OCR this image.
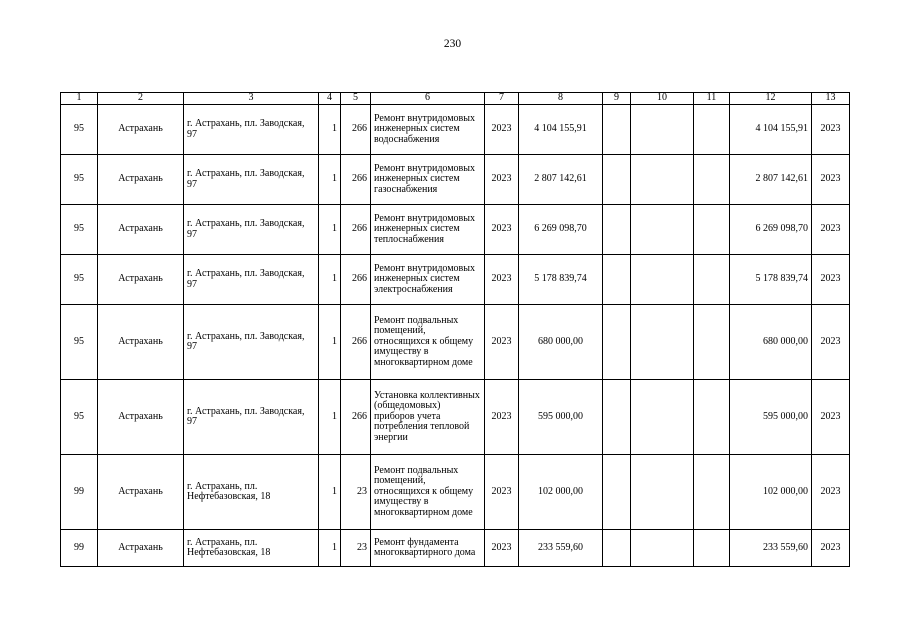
230
1	2	3	4	5	6	7	8	9	10	11	12	13
95	Астрахань	г. Астрахань, пл. Заводская, 97	1	266	Ремонт внутридомовых инженерных систем водоснабжения	2023	4 104 155,91				4 104 155,91	2023
95	Астрахань	г. Астрахань, пл. Заводская, 97	1	266	Ремонт внутридомовых инженерных систем газоснабжения	2023	2 807 142,61				2 807 142,61	2023
95	Астрахань	г. Астрахань, пл. Заводская, 97	1	266	Ремонт внутридомовых инженерных систем теплоснабжения	2023	6 269 098,70				6 269 098,70	2023
95	Астрахань	г. Астрахань, пл. Заводская, 97	1	266	Ремонт внутридомовых инженерных систем электроснабжения	2023	5 178 839,74				5 178 839,74	2023
95	Астрахань	г. Астрахань, пл. Заводская, 97	1	266	Ремонт подвальных помещений, относящихся к общему имуществу в многоквартирном доме	2023	680 000,00				680 000,00	2023
95	Астрахань	г. Астрахань, пл. Заводская, 97	1	266	Установка коллективных (общедомовых) приборов учета потребления тепловой энергии	2023	595 000,00				595 000,00	2023
99	Астрахань	г. Астрахань, пл. Нефтебазовская, 18	1	23	Ремонт подвальных помещений, относящихся к общему имуществу в многоквартирном доме	2023	102 000,00				102 000,00	2023
99	Астрахань	г. Астрахань, пл. Нефтебазовская, 18	1	23	Ремонт фундамента многоквартирного дома	2023	233 559,60				233 559,60	2023
